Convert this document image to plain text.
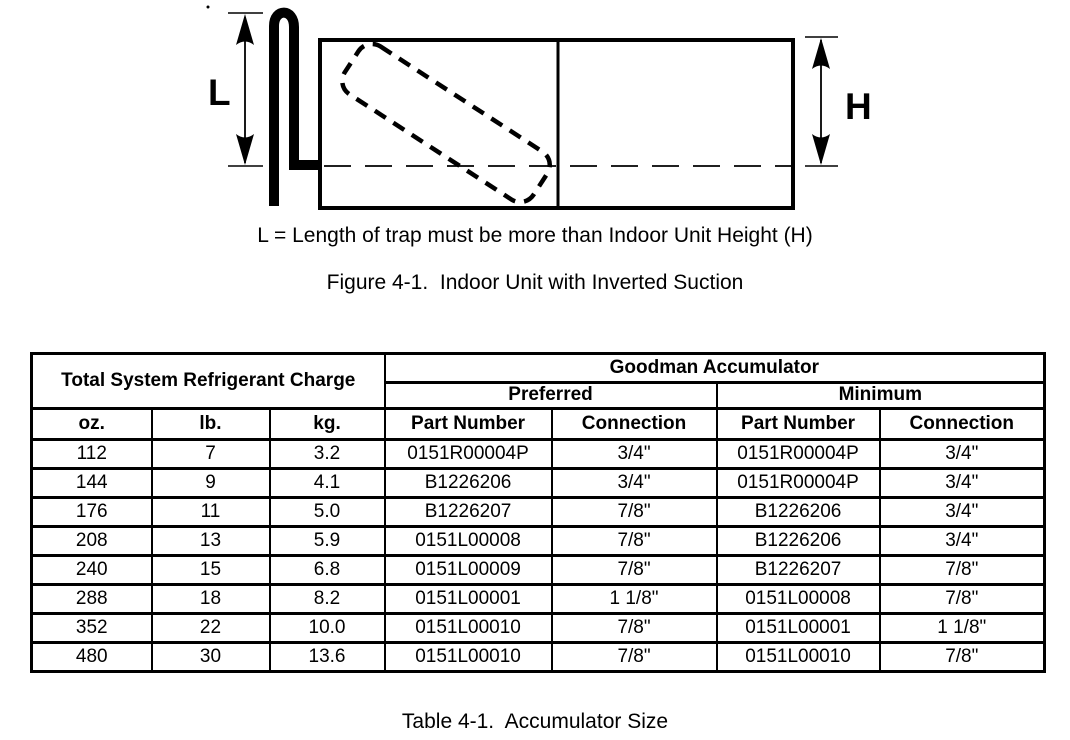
L	H
L = Length of trap must be more than Indoor Unit Height (H)
Figure 4-1.  Indoor Unit with Inverted Suction
Total System Refrigerant Charge			Goodman Accumulator			
			Preferred		Minimum	
oz.	lb.	kg.	Part Number	Connection	Part Number	Connection
112	7	3.2	0151R00004P	3/4"	0151R00004P	3/4"
144	9	4.1	B1226206	3/4"	0151R00004P	3/4"
176	11	5.0	B1226207	7/8"	B1226206	3/4"
208	13	5.9	0151L00008	7/8"	B1226206	3/4"
240	15	6.8	0151L00009	7/8"	B1226207	7/8"
288	18	8.2	0151L00001	1 1/8"	0151L00008	7/8"
352	22	10.0	0151L00010	7/8"	0151L00001	1 1/8"
480	30	13.6	0151L00010	7/8"	0151L00010	7/8"
Table 4-1.  Accumulator Size
